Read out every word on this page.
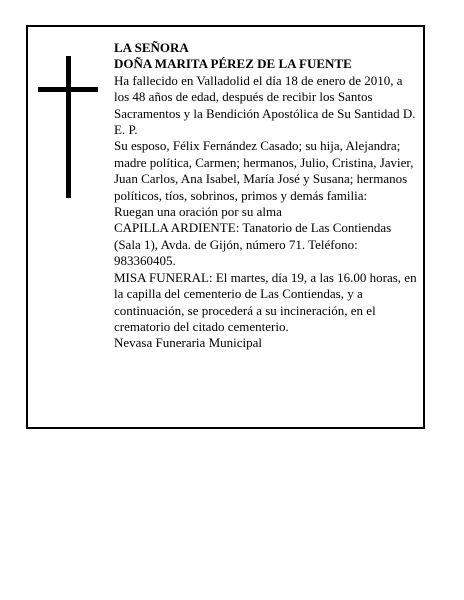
LA SEÑORA

DOÑA MARITA PÉREZ DE LA FUENTE

Ha fallecido en Valladolid el día 18 de enero de 2010, a los 48 años de edad, después de recibir los Santos Sacramentos y la Bendición Apostólica de Su Santidad D. E. P.

Su esposo, Félix Fernández Casado; su hija, Alejandra; madre política, Carmen; hermanos, Julio, Cristina, Javier, Juan Carlos, Ana Isabel, María José y Susana; hermanos políticos, tíos, sobrinos, primos y demás familia:

Ruegan una oración por su alma

CAPILLA ARDIENTE: Tanatorio de Las Contiendas (Sala 1), Avda. de Gijón, número 71. Teléfono: 983360405.

MISA FUNERAL: El martes, día 19, a las 16.00 horas, en la capilla del cementerio de Las Contiendas, y a continuación, se procederá a su incineración, en el crematorio del citado cementerio.

Nevasa Funeraria Municipal
